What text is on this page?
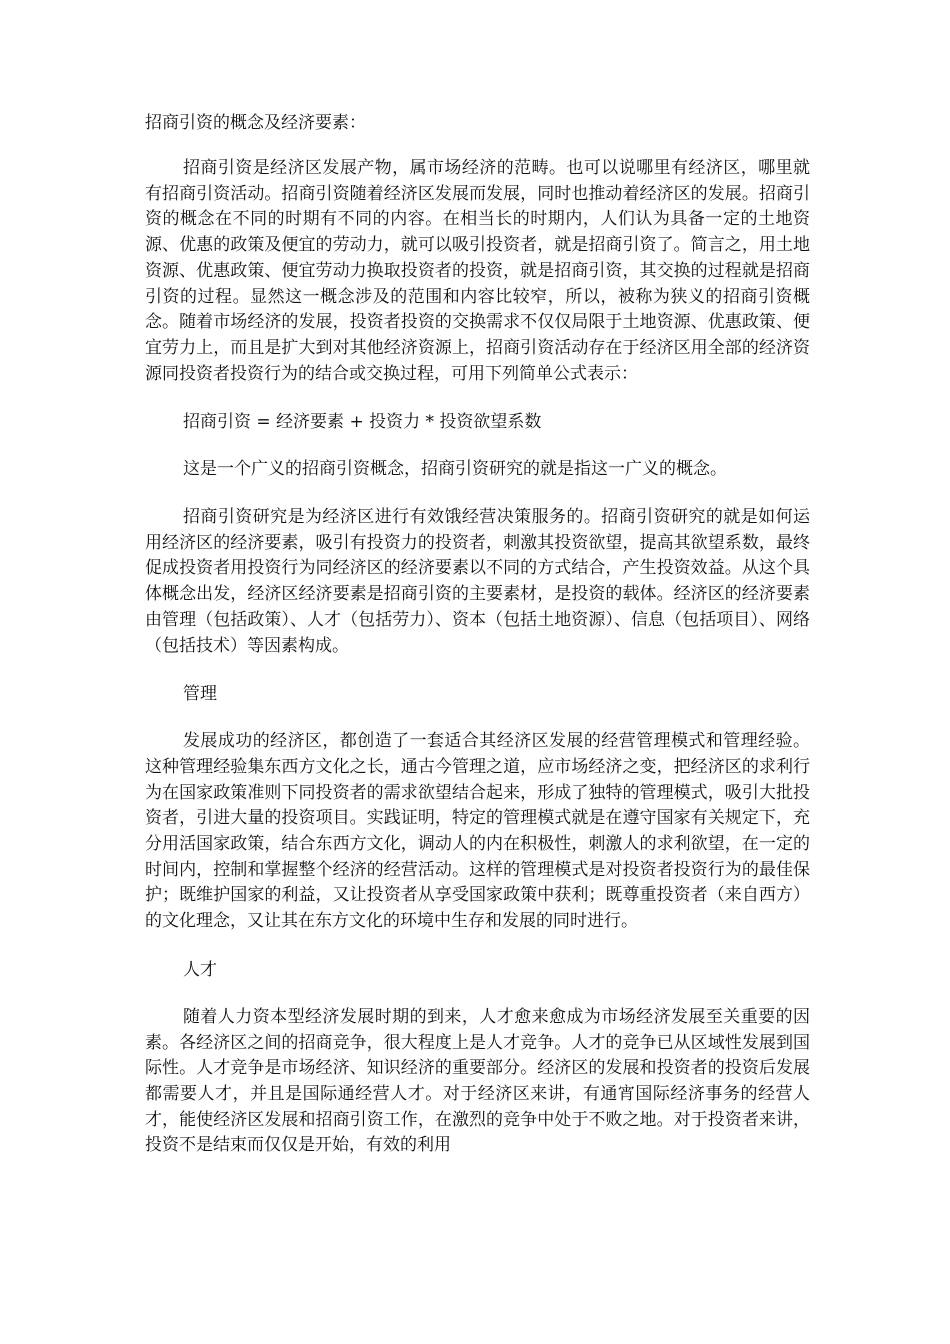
招商引资的概念及经济要素：

招商引资是经济区发展产物，属市场经济的范畴。也可以说哪里有经济区，哪里就有招商引资活动。招商引资随着经济区发展而发展，同时也推动着经济区的发展。招商引资的概念在不同的时期有不同的内容。在相当长的时期内，人们认为具备一定的土地资源、优惠的政策及便宜的劳动力，就可以吸引投资者，就是招商引资了。简言之，用土地资源、优惠政策、便宜劳动力换取投资者的投资，就是招商引资，其交换的过程就是招商引资的过程。显然这一概念涉及的范围和内容比较窄，所以，被称为狭义的招商引资概念。随着市场经济的发展，投资者投资的交换需求不仅仅局限于土地资源、优惠政策、便宜劳力上，而且是扩大到对其他经济资源上，招商引资活动存在于经济区用全部的经济资源同投资者投资行为的结合或交换过程，可用下列简单公式表示：

招商引资 = 经济要素 + 投资力 * 投资欲望系数

这是一个广义的招商引资概念，招商引资研究的就是指这一广义的概念。

招商引资研究是为经济区进行有效饿经营决策服务的。招商引资研究的就是如何运用经济区的经济要素，吸引有投资力的投资者，刺激其投资欲望，提高其欲望系数，最终促成投资者用投资行为同经济区的经济要素以不同的方式结合，产生投资效益。从这个具体概念出发，经济区经济要素是招商引资的主要素材，是投资的载体。经济区的经济要素由管理（包括政策）、人才（包括劳力）、资本（包括土地资源）、信息（包括项目）、网络（包括技术）等因素构成。

管理

发展成功的经济区，都创造了一套适合其经济区发展的经营管理模式和管理经验。这种管理经验集东西方文化之长，通古今管理之道，应市场经济之变，把经济区的求利行为在国家政策准则下同投资者的需求欲望结合起来，形成了独特的管理模式，吸引大批投资者，引进大量的投资项目。实践证明，特定的管理模式就是在遵守国家有关规定下，充分用活国家政策，结合东西方文化，调动人的内在积极性，刺激人的求利欲望，在一定的时间内，控制和掌握整个经济的经营活动。这样的管理模式是对投资者投资行为的最佳保护；既维护国家的利益，又让投资者从享受国家政策中获利；既尊重投资者（来自西方）的文化理念，又让其在东方文化的环境中生存和发展的同时进行。

人才

随着人力资本型经济发展时期的到来，人才愈来愈成为市场经济发展至关重要的因素。各经济区之间的招商竞争，很大程度上是人才竞争。人才的竞争已从区域性发展到国际性。人才竞争是市场经济、知识经济的重要部分。经济区的发展和投资者的投资后发展都需要人才，并且是国际通经营人才。对于经济区来讲，有通宵国际经济事务的经营人才，能使经济区发展和招商引资工作，在激烈的竞争中处于不败之地。对于投资者来讲，投资不是结束而仅仅是开始，有效的利用
